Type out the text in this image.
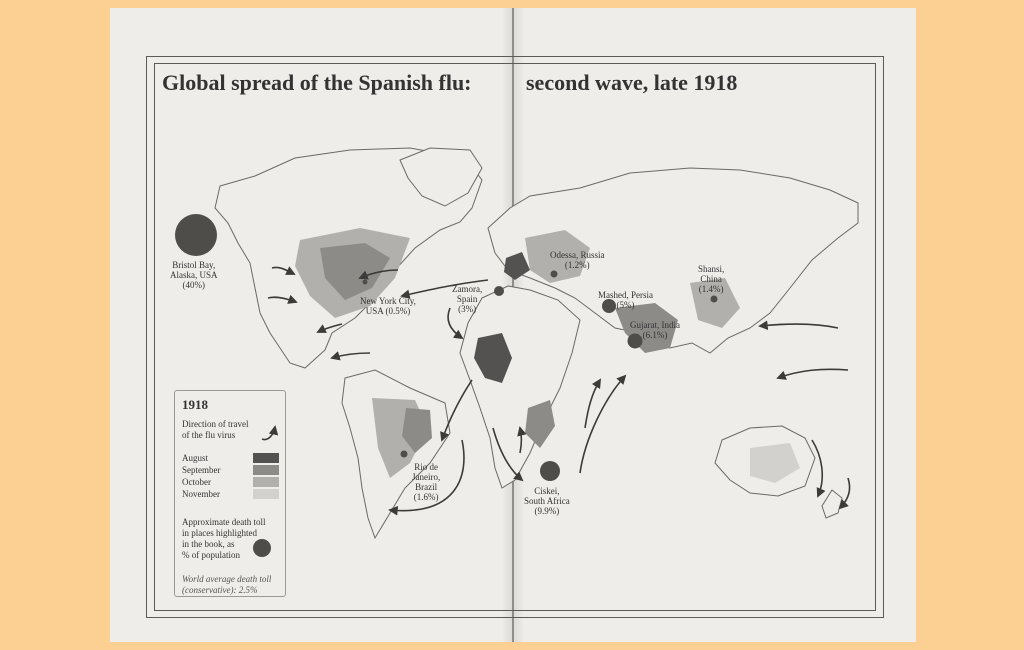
Global spread of the Spanish flu: second wave, late 1918
Bristol Bay,
Alaska, USA
(40%)
New York City,
USA (0.5%)
Zamora,
Spain
(3%)
Odessa, Russia
(1.2%)
Mashed, Persia
(5%)
Shansi,
China
(1.4%)
Gujarat, India
(6.1%)
Rio de
Janeiro,
Brazil
(1.6%)
Ciskei,
South Africa
(9.9%)
1918
Direction of travel
of the flu virus
August
September
October
November
Approximate death toll
in places highlighted
in the book, as
% of population
World average death toll
(conservative): 2.5%
